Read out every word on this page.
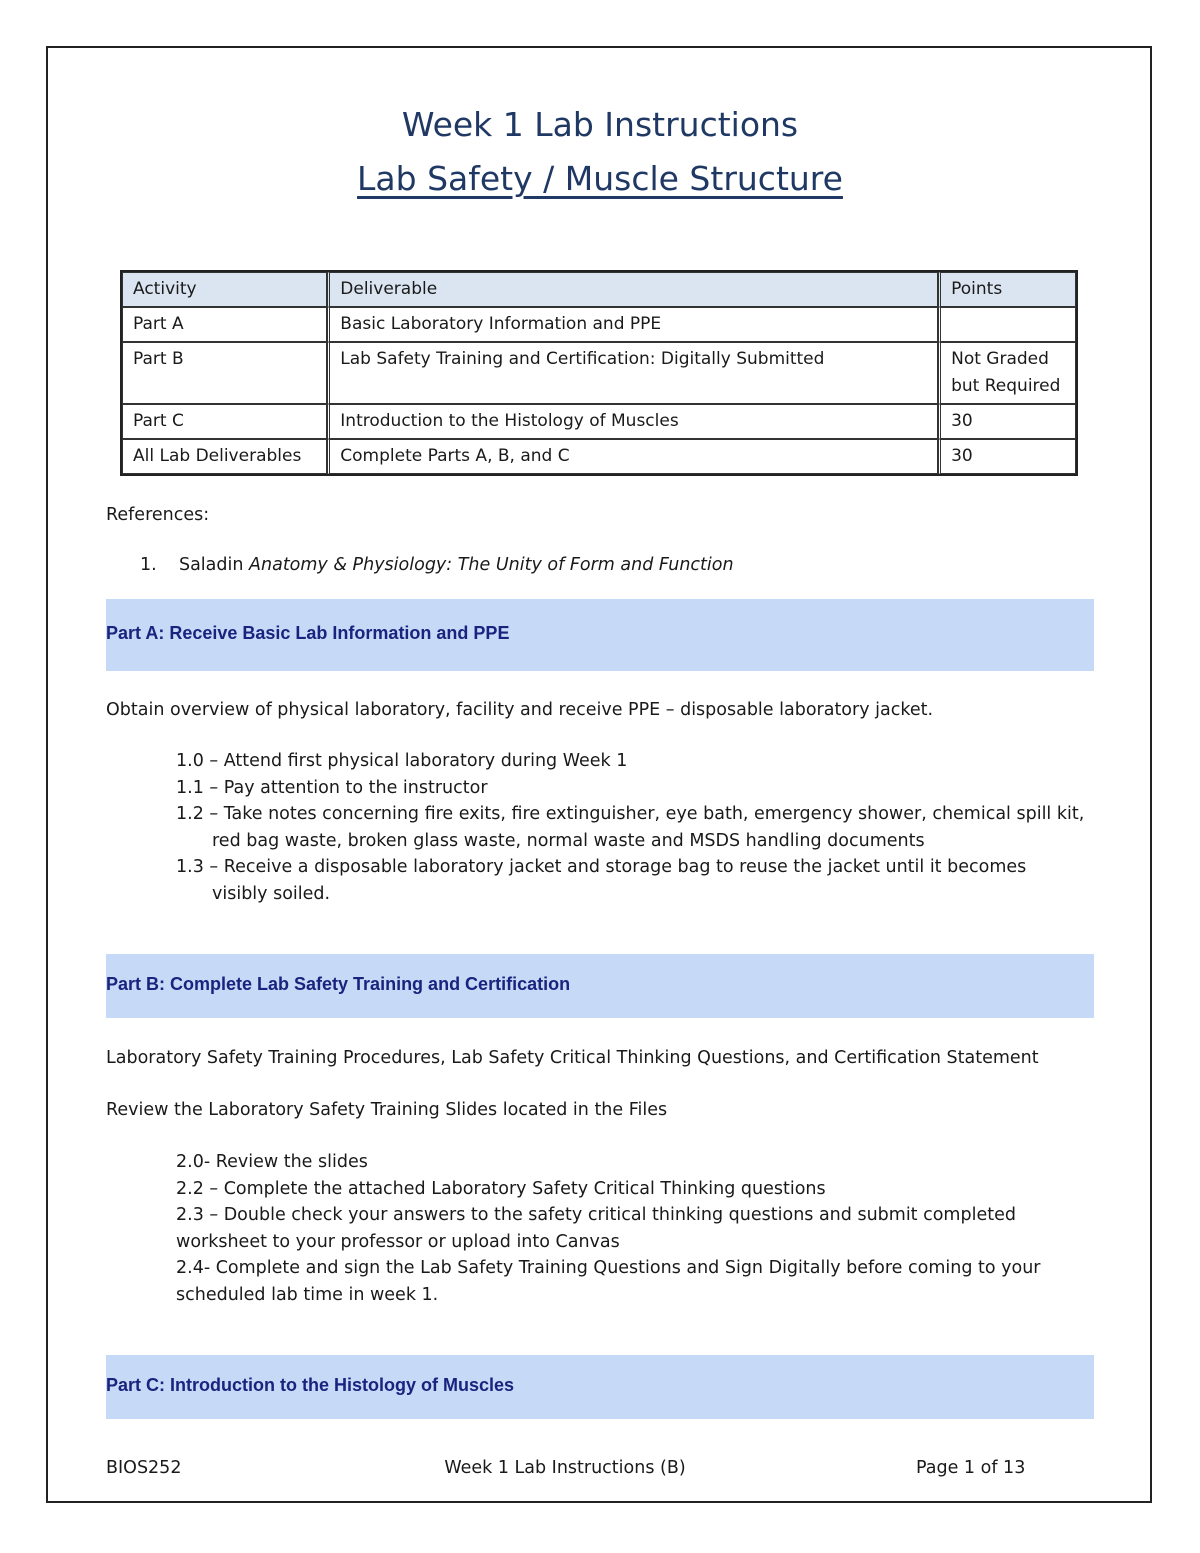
Week 1 Lab Instructions
Lab Safety / Muscle Structure
Activity	Deliverable	Points
Part A	Basic Laboratory Information and PPE	
Part B	Lab Safety Training and Certification: Digitally Submitted	Not Graded but Required
Part C	Introduction to the Histology of Muscles	30
All Lab Deliverables	Complete Parts A, B, and C	30
References:
1. Saladin Anatomy & Physiology: The Unity of Form and Function
Part A: Receive Basic Lab Information and PPE
Obtain overview of physical laboratory, facility and receive PPE – disposable laboratory jacket.
1.0 – Attend first physical laboratory during Week 1
1.1 – Pay attention to the instructor
1.2 – Take notes concerning fire exits, fire extinguisher, eye bath, emergency shower, chemical spill kit, red bag waste, broken glass waste, normal waste and MSDS handling documents
1.3 – Receive a disposable laboratory jacket and storage bag to reuse the jacket until it becomes visibly soiled.
Part B: Complete Lab Safety Training and Certification
Laboratory Safety Training Procedures, Lab Safety Critical Thinking Questions, and Certification Statement
Review the Laboratory Safety Training Slides located in the Files
2.0- Review the slides
2.2 – Complete the attached Laboratory Safety Critical Thinking questions
2.3 – Double check your answers to the safety critical thinking questions and submit completed worksheet to your professor or upload into Canvas
2.4- Complete and sign the Lab Safety Training Questions and Sign Digitally before coming to your scheduled lab time in week 1.
Part C: Introduction to the Histology of Muscles
BIOS252	Week 1 Lab Instructions (B)	Page 1 of 13
